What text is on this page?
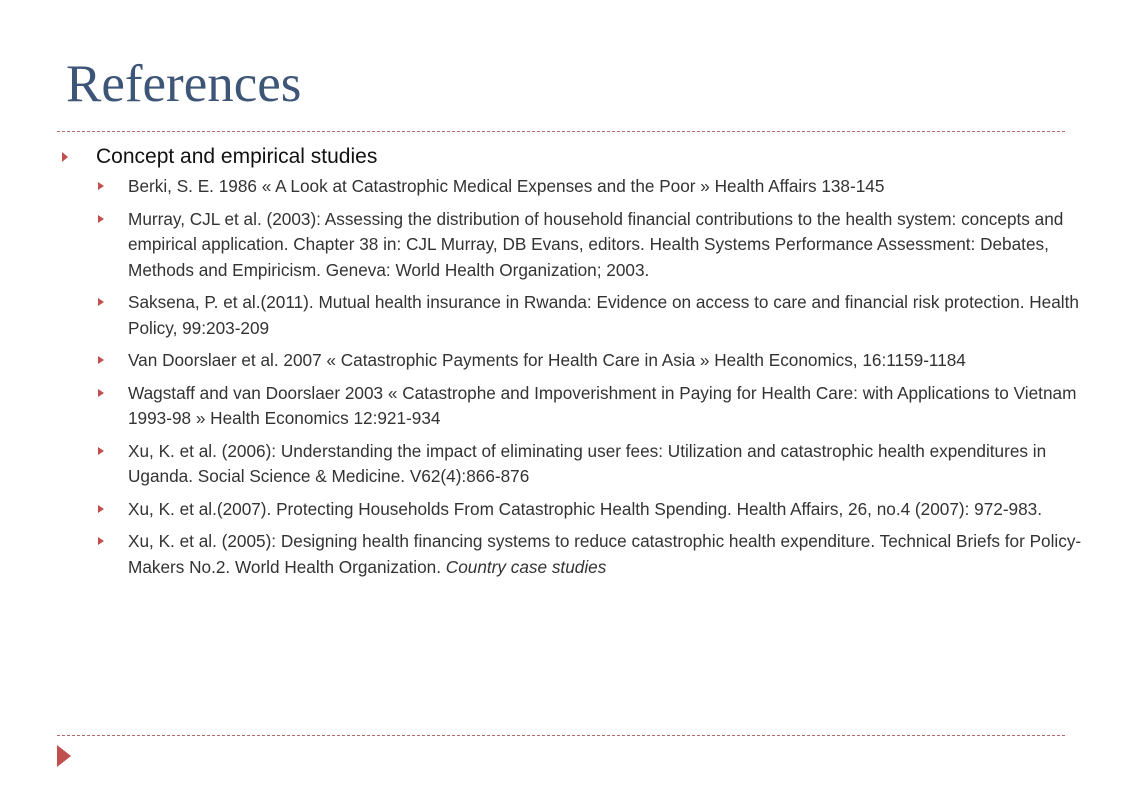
References
Concept and empirical studies
Berki, S. E. 1986 « A Look at Catastrophic Medical Expenses and the Poor » Health Affairs 138-145
Murray, CJL et al. (2003): Assessing the distribution of household financial contributions to the health system: concepts and empirical application. Chapter 38 in: CJL Murray, DB Evans, editors. Health Systems Performance Assessment: Debates, Methods and Empiricism. Geneva: World Health Organization; 2003.
Saksena, P. et al.(2011). Mutual health insurance in Rwanda: Evidence on access to care and financial risk protection. Health Policy, 99:203-209
Van Doorslaer et al. 2007 « Catastrophic Payments for Health Care in Asia » Health Economics, 16:1159-1184
Wagstaff and van Doorslaer 2003 « Catastrophe and Impoverishment in Paying for Health Care: with Applications to Vietnam 1993-98 » Health Economics 12:921-934
Xu, K. et al. (2006): Understanding the impact of eliminating user fees: Utilization and catastrophic health expenditures in Uganda. Social Science & Medicine. V62(4):866-876
Xu, K. et al.(2007). Protecting Households From Catastrophic Health Spending. Health Affairs, 26, no.4 (2007): 972-983.
Xu, K. et al. (2005): Designing health financing systems to reduce catastrophic health expenditure. Technical Briefs for Policy-Makers No.2. World Health Organization. Country case studies
